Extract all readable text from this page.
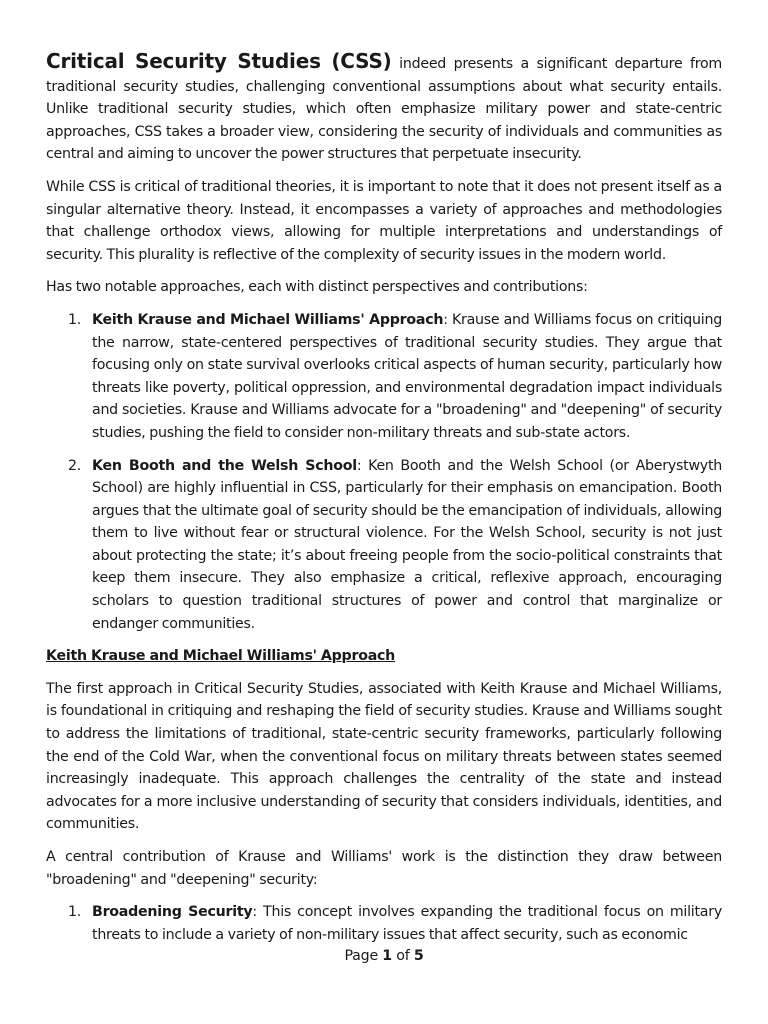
Critical Security Studies (CSS) indeed presents a significant departure from traditional security studies, challenging conventional assumptions about what security entails. Unlike traditional security studies, which often emphasize military power and state-centric approaches, CSS takes a broader view, considering the security of individuals and communities as central and aiming to uncover the power structures that perpetuate insecurity.

While CSS is critical of traditional theories, it is important to note that it does not present itself as a singular alternative theory. Instead, it encompasses a variety of approaches and methodologies that challenge orthodox views, allowing for multiple interpretations and understandings of security. This plurality is reflective of the complexity of security issues in the modern world.

Has two notable approaches, each with distinct perspectives and contributions:

1. Keith Krause and Michael Williams' Approach: Krause and Williams focus on critiquing the narrow, state-centered perspectives of traditional security studies. They argue that focusing only on state survival overlooks critical aspects of human security, particularly how threats like poverty, political oppression, and environmental degradation impact individuals and societies. Krause and Williams advocate for a "broadening" and "deepening" of security studies, pushing the field to consider non-military threats and sub-state actors.
2. Ken Booth and the Welsh School: Ken Booth and the Welsh School (or Aberystwyth School) are highly influential in CSS, particularly for their emphasis on emancipation. Booth argues that the ultimate goal of security should be the emancipation of individuals, allowing them to live without fear or structural violence. For the Welsh School, security is not just about protecting the state; it’s about freeing people from the socio-political constraints that keep them insecure. They also emphasize a critical, reflexive approach, encouraging scholars to question traditional structures of power and control that marginalize or endanger communities.

Keith Krause and Michael Williams' Approach

The first approach in Critical Security Studies, associated with Keith Krause and Michael Williams, is foundational in critiquing and reshaping the field of security studies. Krause and Williams sought to address the limitations of traditional, state-centric security frameworks, particularly following the end of the Cold War, when the conventional focus on military threats between states seemed increasingly inadequate. This approach challenges the centrality of the state and instead advocates for a more inclusive understanding of security that considers individuals, identities, and communities.

A central contribution of Krause and Williams' work is the distinction they draw between "broadening" and "deepening" security:

1. Broadening Security: This concept involves expanding the traditional focus on military threats to include a variety of non-military issues that affect security, such as economic
Page 1 of 5
